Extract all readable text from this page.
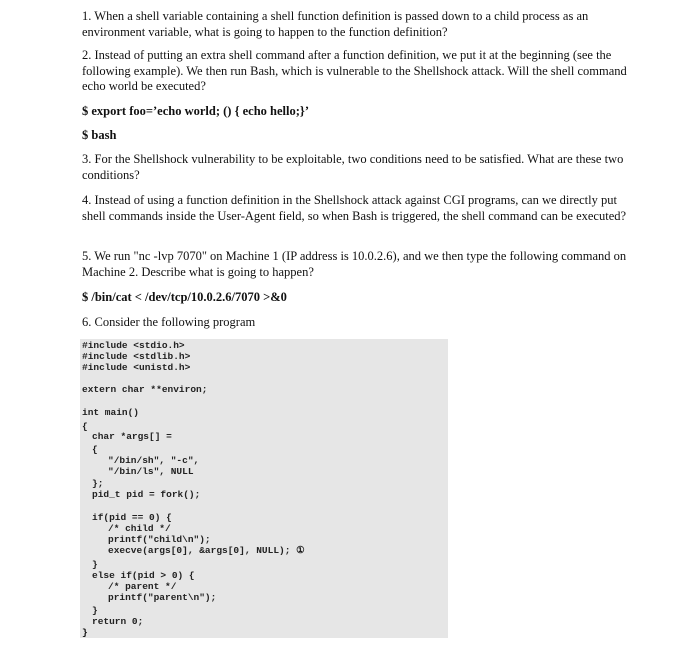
1. When a shell variable containing a shell function definition is passed down to a child process as an environment variable, what is going to happen to the function definition?

2. Instead of putting an extra shell command after a function definition, we put it at the beginning (see the following example). We then run Bash, which is vulnerable to the Shellshock attack. Will the shell command echo world be executed?

$ export foo=’echo world; () { echo hello;}’

$ bash

3. For the Shellshock vulnerability to be exploitable, two conditions need to be satisfied. What are these two conditions?

4. Instead of using a function definition in the Shellshock attack against CGI programs, can we directly put shell commands inside the User-Agent field, so when Bash is triggered, the shell command can be executed?

5. We run "nc -lvp 7070" on Machine 1 (IP address is 10.0.2.6), and we then type the following command on Machine 2. Describe what is going to happen?

$ /bin/cat < /dev/tcp/10.0.2.6/7070 >&0

6. Consider the following program

#include <stdio.h>

#include <stdlib.h>

#include <unistd.h>

extern char **environ;

int main()

{

char *args[] =

{

"/bin/sh", "-c",

"/bin/ls", NULL

};

pid_t pid = fork();

if(pid == 0) {

/* child */

printf("child\n");

execve(args[0], &args[0], NULL); ①

}

else if(pid > 0) {

/* parent */

printf("parent\n");

}

return 0;

}
